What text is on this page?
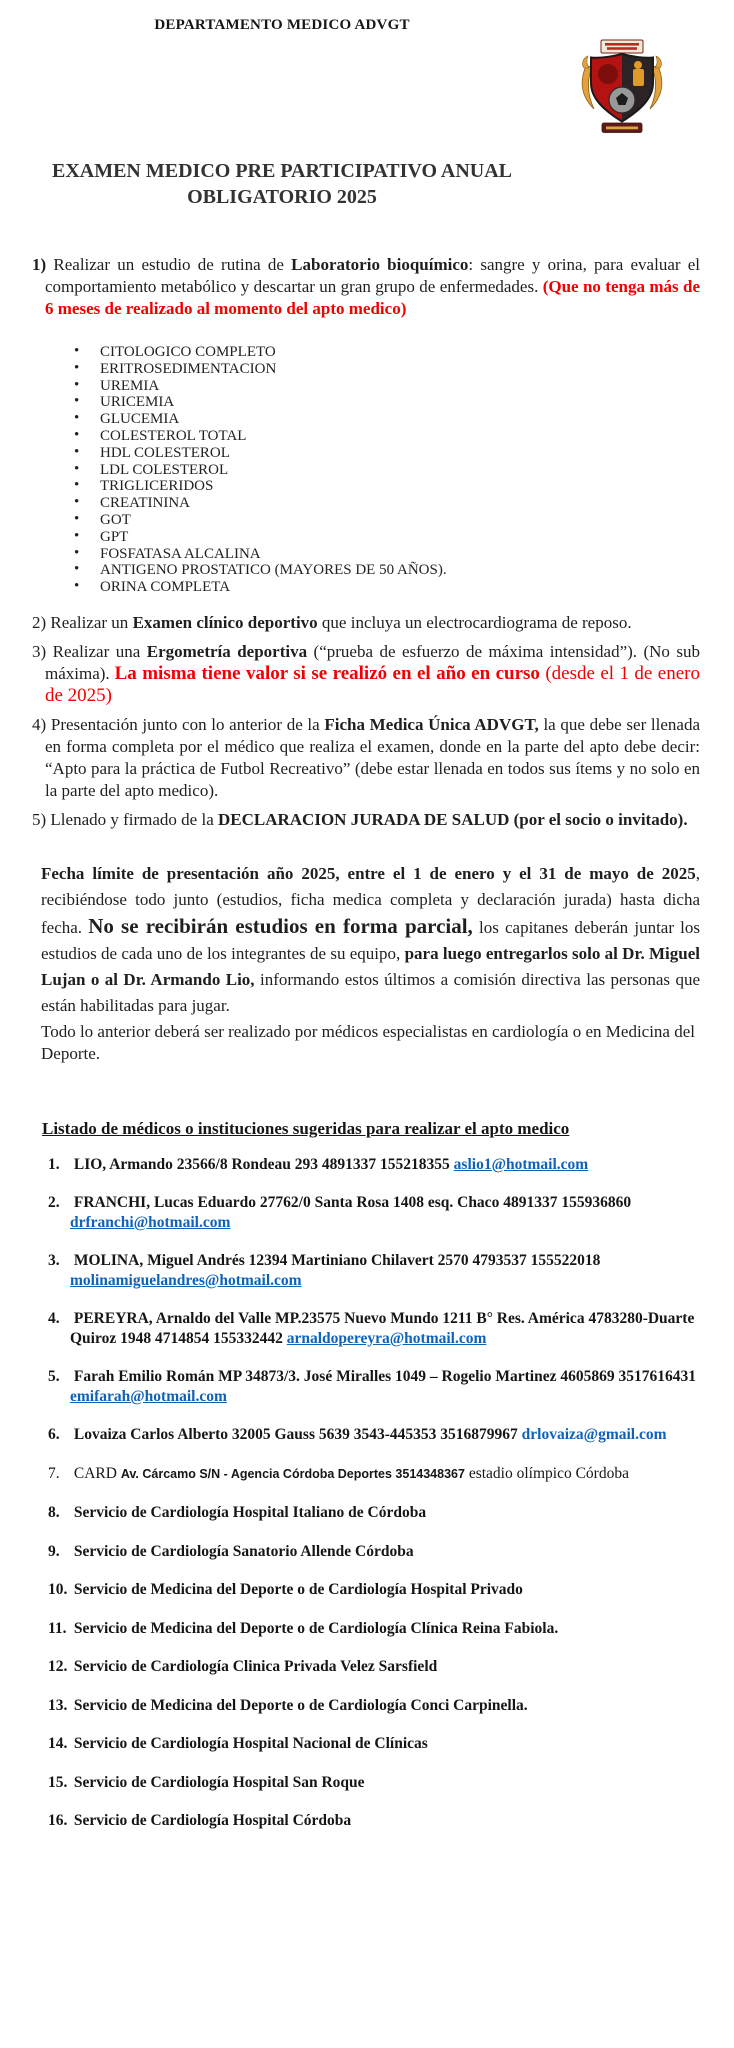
DEPARTAMENTO MEDICO ADVGT
EXAMEN MEDICO PRE PARTICIPATIVO ANUAL
OBLIGATORIO 2025
1) Realizar un estudio de rutina de Laboratorio bioquímico: sangre y orina, para evaluar el comportamiento metabólico y descartar un gran grupo de enfermedades. (Que no tenga más de 6 meses de realizado al momento del apto medico)
• CITOLOGICO COMPLETO
• ERITROSEDIMENTACION
• UREMIA
• URICEMIA
• GLUCEMIA
• COLESTEROL TOTAL
• HDL COLESTEROL
• LDL COLESTEROL
• TRIGLICERIDOS
• CREATININA
• GOT
• GPT
• FOSFATASA ALCALINA
• ANTIGENO PROSTATICO (MAYORES DE 50 AÑOS).
• ORINA COMPLETA
2) Realizar un Examen clínico deportivo que incluya un electrocardiograma de reposo.
3) Realizar una Ergometría deportiva (“prueba de esfuerzo de máxima intensidad”). (No sub máxima). La misma tiene valor si se realizó en el año en curso (desde el 1 de enero de 2025)
4) Presentación junto con lo anterior de la Ficha Medica Única ADVGT, la que debe ser llenada en forma completa por el médico que realiza el examen, donde en la parte del apto debe decir: “Apto para la práctica de Futbol Recreativo” (debe estar llenada en todos sus ítems y no solo en la parte del apto medico).
5) Llenado y firmado de la DECLARACION JURADA DE SALUD (por el socio o invitado).
Fecha límite de presentación año 2025, entre el 1 de enero y el 31 de mayo de 2025, recibiéndose todo junto (estudios, ficha medica completa y declaración jurada) hasta dicha fecha. No se recibirán estudios en forma parcial, los capitanes deberán juntar los estudios de cada uno de los integrantes de su equipo, para luego entregarlos solo al Dr. Miguel Lujan o al Dr. Armando Lio, informando estos últimos a comisión directiva las personas que están habilitadas para jugar.
Todo lo anterior deberá ser realizado por médicos especialistas en cardiología o en Medicina del Deporte.
Listado de médicos o instituciones sugeridas para realizar el apto medico
1. LIO, Armando 23566/8 Rondeau 293 4891337 155218355 aslio1@hotmail.com
2. FRANCHI, Lucas Eduardo 27762/0 Santa Rosa 1408 esq. Chaco 4891337 155936860 drfranchi@hotmail.com
3. MOLINA, Miguel Andrés 12394 Martiniano Chilavert 2570 4793537 155522018 molinamiguelandres@hotmail.com
4. PEREYRA, Arnaldo del Valle MP.23575 Nuevo Mundo 1211 B° Res. América 4783280-Duarte Quiroz 1948 4714854 155332442 arnaldopereyra@hotmail.com
5. Farah Emilio Román MP 34873/3. José Miralles 1049 – Rogelio Martinez 4605869 3517616431  emifarah@hotmail.com
6. Lovaiza Carlos Alberto 32005 Gauss 5639 3543-445353 3516879967 drlovaiza@gmail.com
7. CARD Av. Cárcamo S/N - Agencia Córdoba Deportes 3514348367 estadio olímpico Córdoba
8. Servicio de Cardiología Hospital Italiano de Córdoba
9. Servicio de Cardiología Sanatorio Allende Córdoba
10. Servicio de Medicina del Deporte o de Cardiología Hospital Privado
11. Servicio de Medicina del Deporte o de Cardiología Clínica Reina Fabiola.
12. Servicio de Cardiología Clinica Privada Velez Sarsfield
13. Servicio de Medicina del Deporte o de Cardiología Conci Carpinella.
14. Servicio de Cardiología Hospital Nacional de Clínicas
15. Servicio de Cardiología Hospital San Roque
16. Servicio de Cardiología Hospital Córdoba
